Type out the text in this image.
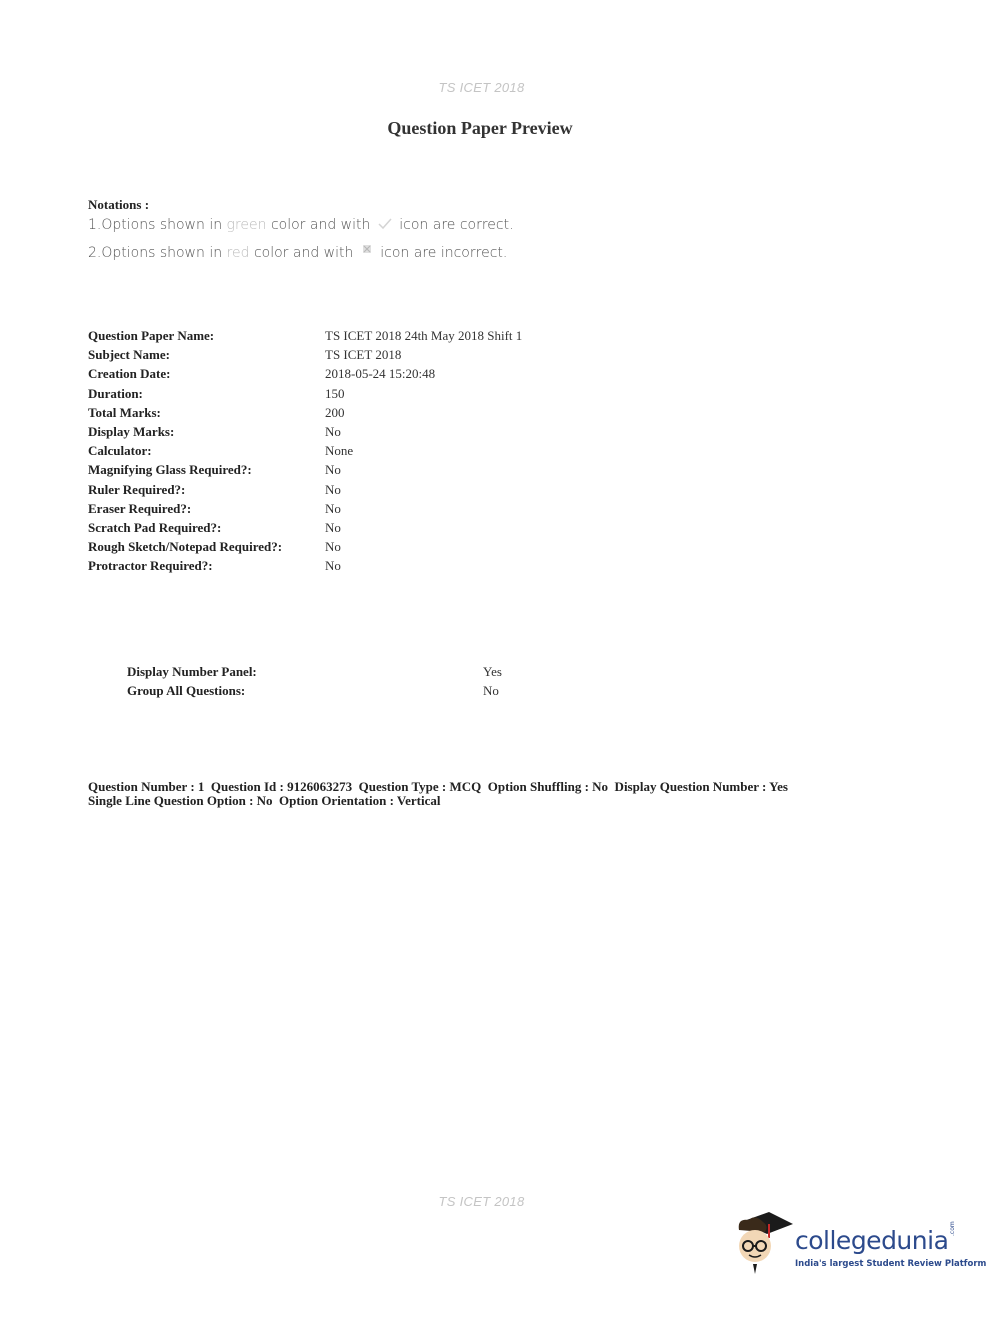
TS ICET 2018
Question Paper Preview
Notations :
1.Options shown in green color and with  icon are correct.
2.Options shown in red color and with  icon are incorrect.
Question Paper Name:	TS ICET 2018 24th May 2018 Shift 1
Subject Name:	TS ICET 2018
Creation Date:	2018-05-24 15:20:48
Duration:	150
Total Marks:	200
Display Marks:	No
Calculator:	None
Magnifying Glass Required?:	No
Ruler Required?:	No
Eraser Required?:	No
Scratch Pad Required?:	No
Rough Sketch/Notepad Required?:	No
Protractor Required?:	No
Display Number Panel:	Yes
Group All Questions:	No
Question Number : 1  Question Id : 9126063273  Question Type : MCQ  Option Shuffling : No  Display Question Number : Yes
Single Line Question Option : No  Option Orientation : Vertical
TS ICET 2018
collegedunia .com
India's largest Student Review Platform
